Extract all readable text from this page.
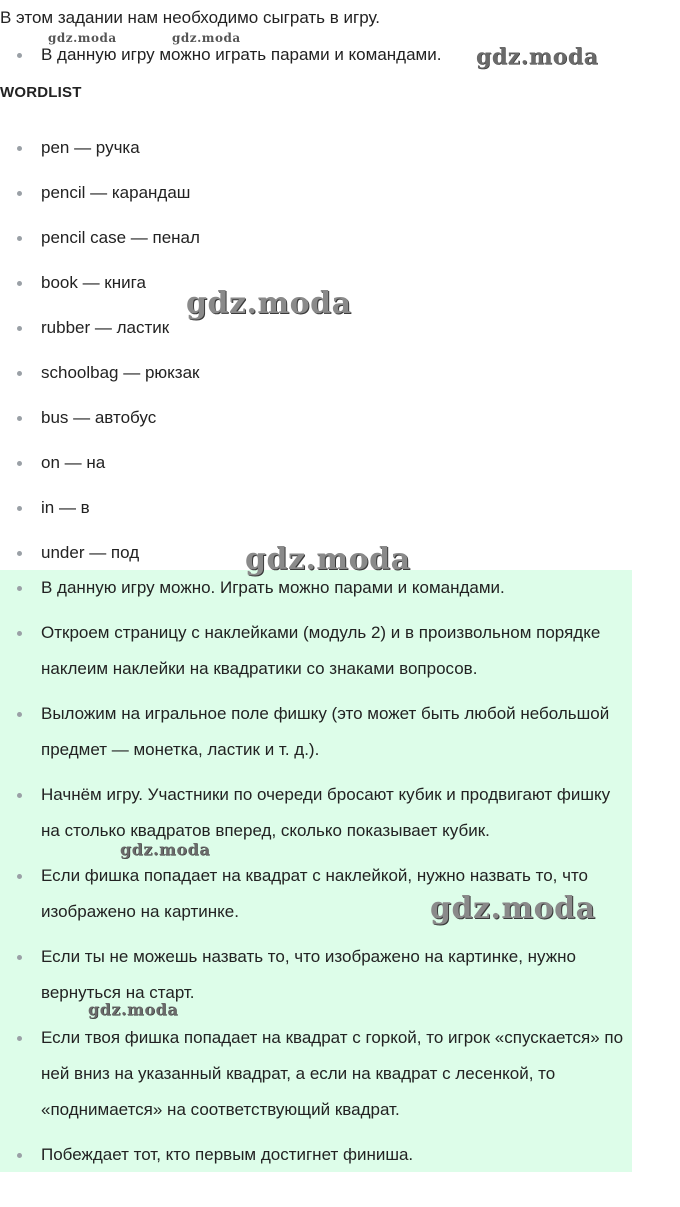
В этом задании нам необходимо сыграть в игру.
В данную игру можно играть парами и командами.
WORDLIST
pen — ручка
pencil — карандаш
pencil case — пенал
book — книга
rubber — ластик
schoolbag — рюкзак
bus — автобус
on — на
in — в
under — под
В данную игру можно. Играть можно парами и командами.
Откроем страницу с наклейками (модуль 2) и в произвольном порядке наклеим наклейки на квадратики со знаками вопросов.
Выложим на игральное поле фишку (это может быть любой небольшой предмет — монетка, ластик и т. д.).
Начнём игру. Участники по очереди бросают кубик и продвигают фишку на столько квадратов вперед, сколько показывает кубик.
Если фишка попадает на квадрат с наклейкой, нужно назвать то, что изображено на картинке.
Если ты не можешь назвать то, что изображено на картинке, нужно вернуться на старт.
Если твоя фишка попадает на квадрат с горкой, то игрок «спускается» по ней вниз на указанный квадрат, а если на квадрат с лесенкой, то «поднимается» на соответствующий квадрат.
Побеждает тот, кто первым достигнет финиша.
gdz.moda	gdz.moda
gdz.moda
gdz.moda
gdz.moda
gdz.moda
gdz.moda
gdz.moda
